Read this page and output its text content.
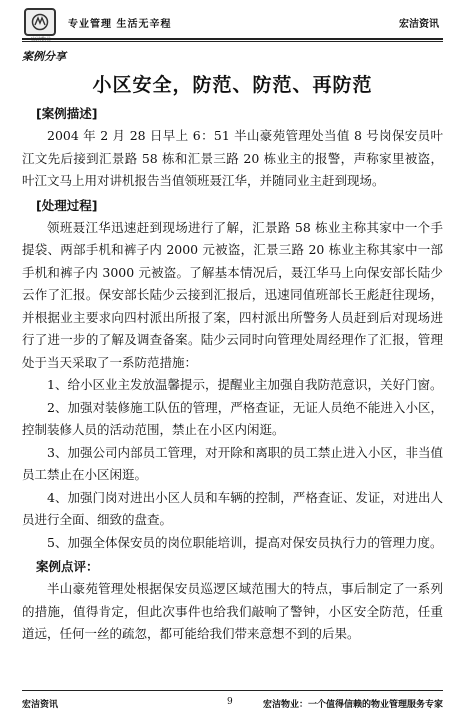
宏洁物业
专业管理 生活无辛程	宏洁资讯
案例分享
小区安全，防范、防范、再防范
[案例描述]

2004 年 2 月 28 日早上 6：51 半山豪苑管理处当值 8 号岗保安员叶江文先后接到汇景路 58 栋和汇景三路 20 栋业主的报警，声称家里被盗，叶江文马上用对讲机报告当值领班聂江华，并随同业主赶到现场。

[处理过程]

领班聂江华迅速赶到现场进行了解，汇景路 58 栋业主称其家中一个手提袋、两部手机和裤子内 2000 元被盗，汇景三路 20 栋业主称其家中一部手机和裤子内 3000 元被盗。了解基本情况后，聂江华马上向保安部长陆少云作了汇报。保安部长陆少云接到汇报后，迅速同值班部长王彪赶往现场，并根据业主要求向四村派出所报了案，四村派出所警务人员赶到后对现场进行了进一步的了解及调查备案。陆少云同时向管理处周经理作了汇报，管理处于当天采取了一系防范措施：

1、给小区业主发放温馨提示，提醒业主加强自我防范意识，关好门窗。

2、加强对装修施工队伍的管理，严格查证，无证人员绝不能进入小区，控制装修人员的活动范围，禁止在小区内闲逛。

3、加强公司内部员工管理，对开除和离职的员工禁止进入小区，非当值员工禁止在小区闲逛。

4、加强门岗对进出小区人员和车辆的控制，严格查证、发证，对进出人员进行全面、细致的盘查。

5、加强全体保安员的岗位职能培训，提高对保安员执行力的管理力度。

案例点评：

半山豪苑管理处根据保安员巡逻区域范围大的特点，事后制定了一系列的措施，值得肯定，但此次事件也给我们敲响了警钟，小区安全防范，任重道远，任何一丝的疏忽，都可能给我们带来意想不到的后果。

宏洁资讯	9	宏洁物业：一个值得信赖的物业管理服务专家
